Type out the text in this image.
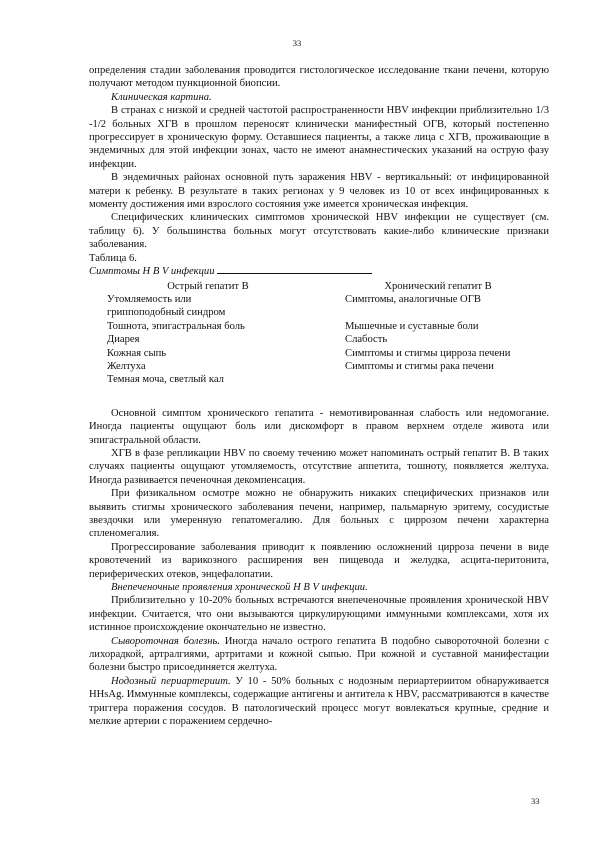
33

определения стадии заболевания проводится гистологическое исследование ткани печени, которую получают методом пункционной биопсии.

Клиническая картина.

В странах с низкой и средней частотой распространенности HBV инфекции приблизительно 1/3 -1/2 больных ХГВ в прошлом переносят клинически манифестный ОГВ, который постепенно прогрессирует в хроническую форму. Оставшиеся пациенты, а также лица с ХГВ, проживающие в эндемичных для этой инфекции зонах, часто не имеют анамнестических указаний на острую фазу инфекции.

В эндемичных районах основной путь заражения HBV - вертикальный: от инфицированной матери к ребенку. В результате в таких регионах у 9 человек из 10 от всех инфицированных к моменту достижения ими взрослого состояния уже имеется хроническая инфекция.

Специфических клинических симптомов хронической HBV инфекции не существует (см. таблицу 6). У большинства больных могут отсутствовать какие-либо клинические признаки заболевания.

Таблица 6.

Симптомы Н В V инфекции

Острый гепатит В	Хронический гепатит В
Утомляемость или	Симптомы, аналогичные ОГВ
гриппоподобный синдром	
Тошнота, эпигастральная боль	Мышечные и суставные боли
Диарея	Слабость
Кожная сыпь	Симптомы и стигмы цирроза печени
Желтуха	Симптомы и стигмы рака печени
Темная моча, светлый кал	

Основной симптом хронического гепатита - немотивированная слабость или недомогание. Иногда пациенты ощущают боль или дискомфорт в правом верхнем отделе живота или эпигастральной области.

ХГВ в фазе репликации HBV по своему течению может напоминать острый гепатит В. В таких случаях пациенты ощущают утомляемость, отсутствие аппетита, тошноту, появляется желтуха. Иногда развивается печеночная декомпенсация.

При физикальном осмотре можно не обнаружить никаких специфических признаков или выявить стигмы хронического заболевания печени, например, пальмарную эритему, сосудистые звездочки или умеренную гепатомегалию. Для больных с циррозом печени характерна спленомегалия.

Прогрессирование заболевания приводит к появлению осложнений цирроза печени в виде кровотечений из варикозного расширения вен пищевода и желудка, асцита-перитонита, периферических отеков, энцефалопатии.

Внепеченочные проявления хронической Н В V инфекции.

Приблизительно у 10-20% больных встречаются внепеченочные проявления хронической HBV инфекции. Считается, что они вызываются циркулирующими иммунными комплексами, хотя их истинное происхождение окончательно не известно.

Сывороточная болезнь. Иногда начало острого гепатита В подобно сывороточной болезни с лихорадкой, артралгиями, артритами и кожной сыпью. При кожной и суставной манифестации болезни быстро присоединяется желтуха.

Нодозный периартериит. У 10 - 50% больных с нодозным периартериитом обнаруживается HHsAg. Иммунные комплексы, содержащие антигены и антитела к HBV, рассматриваются в качестве триггера поражения сосудов. В патологический процесс могут вовлекаться крупные, средние и мелкие артерии с поражением сердечно-

33
